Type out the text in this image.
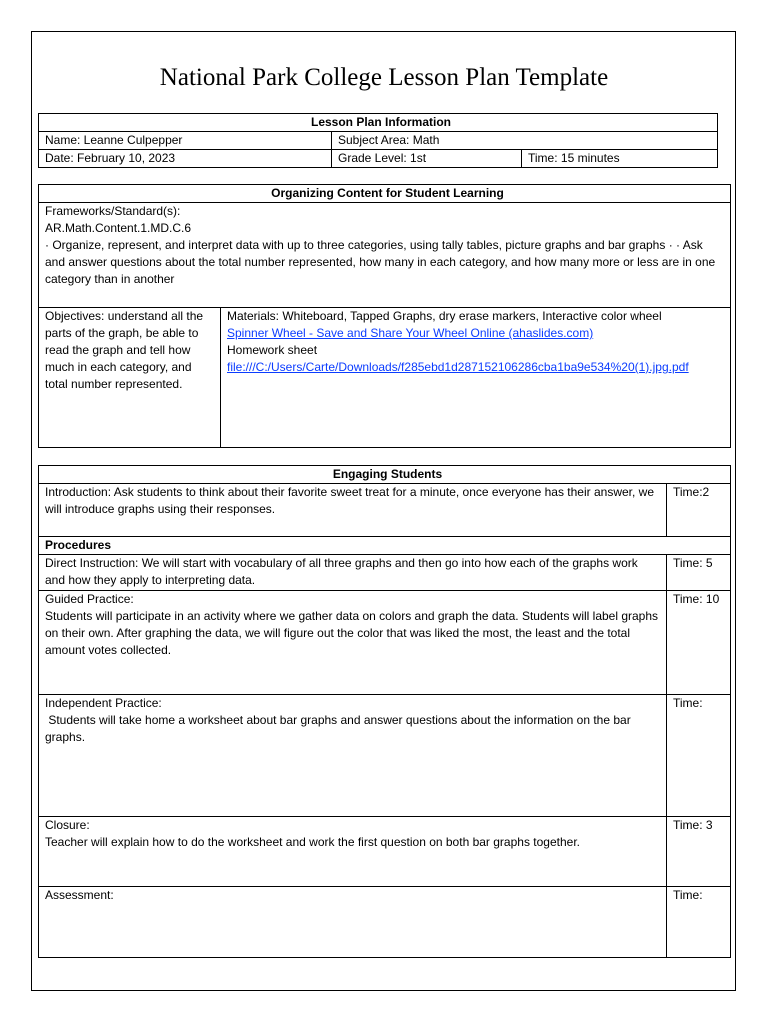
National Park College Lesson Plan Template
Lesson Plan Information		
Name: Leanne Culpepper	Subject Area: Math	
Date: February 10, 2023	Grade Level: 1st	Time: 15 minutes
Organizing Content for Student Learning

Frameworks/Standard(s):
AR.Math.Content.1.MD.C.6
· Organize, represent, and interpret data with up to three categories, using tally tables, picture graphs and bar graphs · · Ask and answer questions about the total number represented, how many in each category, and how many more or less are in one category than in another

Objectives: understand all the parts of the graph, be able to read the graph and tell how much in each category, and total number represented.

Materials: Whiteboard, Tapped Graphs, dry erase markers, Interactive color wheel
Spinner Wheel - Save and Share Your Wheel Online (ahaslides.com)
Homework sheet
file:///C:/Users/Carte/Downloads/f285ebd1d287152106286cba1ba9e534%20(1).jpg.pdf
Engaging Students	
Introduction: Ask students to think about their favorite sweet treat for a minute, once everyone has their answer, we will introduce graphs using their responses.	Time:2
Procedures	
Direct Instruction: We will start with vocabulary of all three graphs and then go into how each of the graphs work and how they apply to interpreting data.	Time: 5

Guided Practice:
Students will participate in an activity where we gather data on colors and graph the data. Students will label graphs on their own. After graphing the data, we will figure out the color that was liked the most, the least and the total amount votes collected.	Time: 10

Independent Practice:
Students will take home a worksheet about bar graphs and answer questions about the information on the bar graphs.	Time:

Closure:
Teacher will explain how to do the worksheet and work the first question on both bar graphs together.	Time: 3
Assessment:	Time:
